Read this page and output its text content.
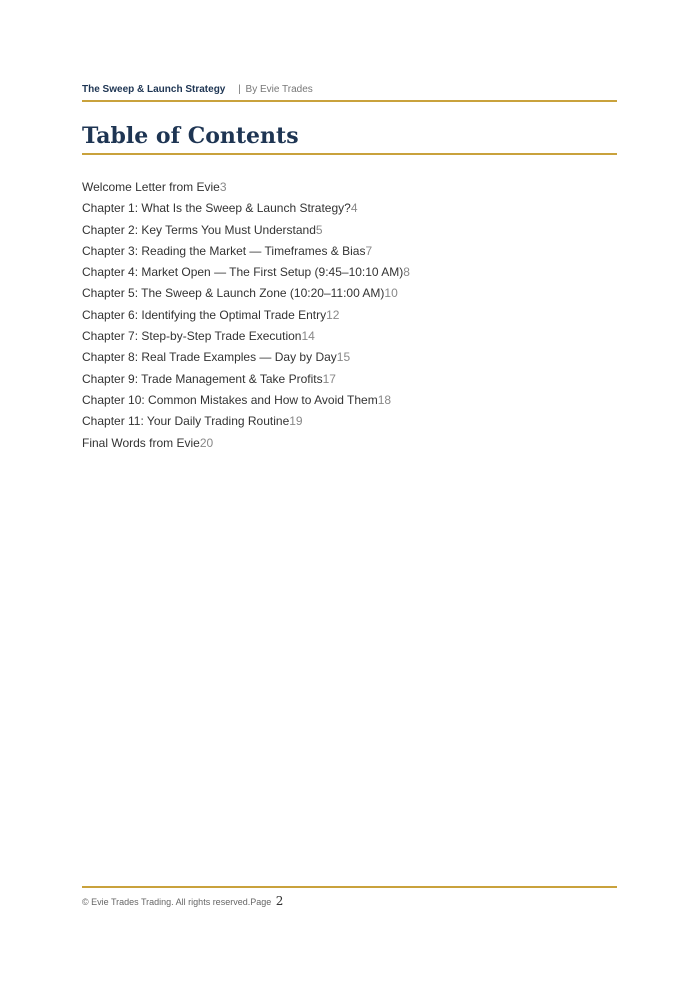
The Sweep & Launch Strategy | By Evie Trades
Table of Contents
Welcome Letter from Evie3
Chapter 1: What Is the Sweep & Launch Strategy?4
Chapter 2: Key Terms You Must Understand5
Chapter 3: Reading the Market — Timeframes & Bias7
Chapter 4: Market Open — The First Setup (9:45–10:10 AM)8
Chapter 5: The Sweep & Launch Zone (10:20–11:00 AM)10
Chapter 6: Identifying the Optimal Trade Entry12
Chapter 7: Step-by-Step Trade Execution14
Chapter 8: Real Trade Examples — Day by Day15
Chapter 9: Trade Management & Take Profits17
Chapter 10: Common Mistakes and How to Avoid Them18
Chapter 11: Your Daily Trading Routine19
Final Words from Evie20
© Evie Trades Trading. All rights reserved.Page 2
